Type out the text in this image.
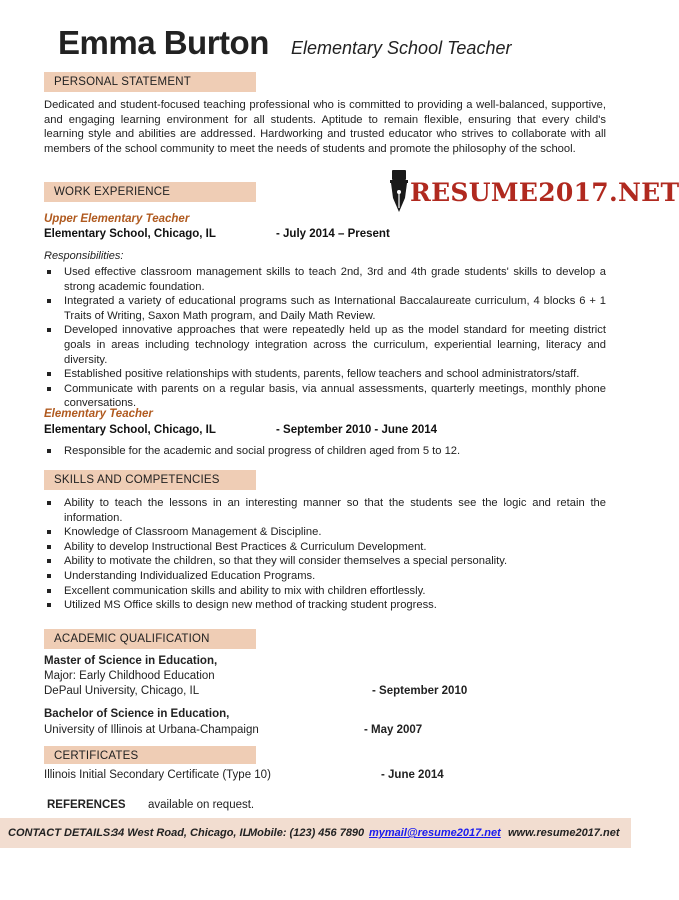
Emma Burton Elementary School Teacher
PERSONAL STATEMENT
Dedicated and student-focused teaching professional who is committed to providing a well-balanced, supportive, and engaging learning environment for all students. Aptitude to remain flexible, ensuring that every child's learning style and abilities are addressed. Hardworking and trusted educator who strives to collaborate with all members of the school community to meet the needs of students and promote the philosophy of the school.
RESUME2017.NET
WORK EXPERIENCE
Upper Elementary Teacher
Elementary School, Chicago, IL	- July 2014 – Present
Responsibilities:
Used effective classroom management skills to teach 2nd, 3rd and 4th grade students' skills to develop a strong academic foundation.
Integrated a variety of educational programs such as International Baccalaureate curriculum, 4 blocks 6 + 1 Traits of Writing, Saxon Math program, and Daily Math Review.
Developed innovative approaches that were repeatedly held up as the model standard for meeting district goals in areas including technology integration across the curriculum, experiential learning, literacy and diversity.
Established positive relationships with students, parents, fellow teachers and school administrators/staff.
Communicate with parents on a regular basis, via annual assessments, quarterly meetings, monthly phone conversations.
Elementary Teacher
Elementary School, Chicago, IL	- September 2010 - June 2014
Responsible for the academic and social progress of children aged from 5 to 12.
SKILLS AND COMPETENCIES
Ability to teach the lessons in an interesting manner so that the students see the logic and retain the information.
Knowledge of Classroom Management & Discipline.
Ability to develop Instructional Best Practices & Curriculum Development.
Ability to motivate the children, so that they will consider themselves a special personality.
Understanding Individualized Education Programs.
Excellent communication skills and ability to mix with children effortlessly.
Utilized MS Office skills to design new method of tracking student progress.
ACADEMIC QUALIFICATION
Master of Science in Education,
Major: Early Childhood Education
DePaul University, Chicago, IL	- September 2010
Bachelor of Science in Education,
University of Illinois at Urbana-Champaign	- May 2007
CERTIFICATES
Illinois Initial Secondary Certificate (Type 10)	- June 2014
REFERENCES available on request.
CONTACT DETAILS:
34 West Road, Chicago, IL
Mobile: (123) 456 7890 mymail@resume2017.net www.resume2017.net
